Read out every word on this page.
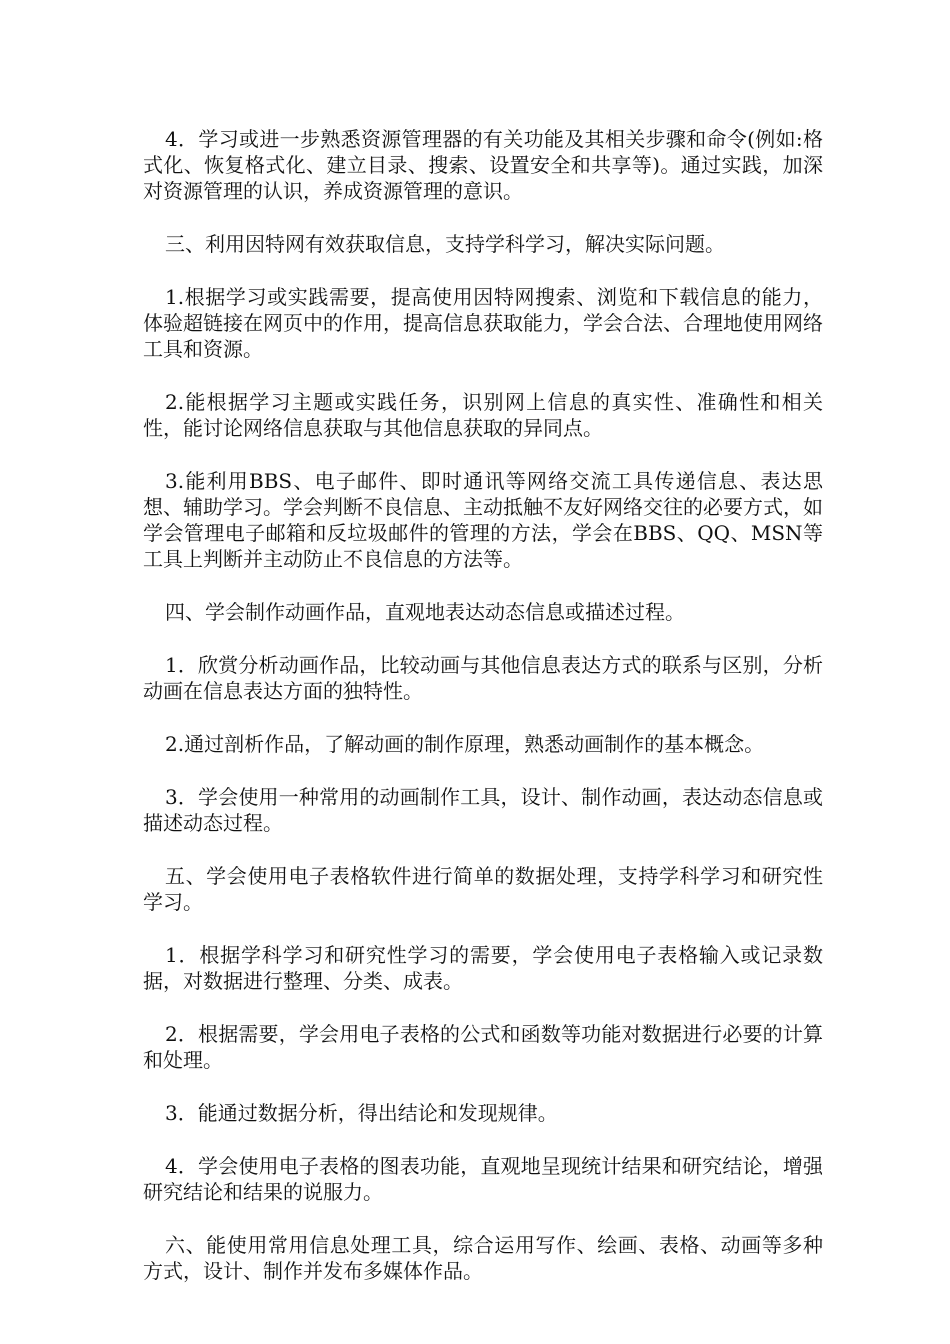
4．学习或进一步熟悉资源管理器的有关功能及其相关步骤和命令(例如:格式化、恢复格式化、建立目录、搜索、设置安全和共享等)。通过实践，加深对资源管理的认识，养成资源管理的意识。

三、利用因特网有效获取信息，支持学科学习，解决实际问题。

1.根据学习或实践需要，提高使用因特网搜索、浏览和下载信息的能力，体验超链接在网页中的作用，提高信息获取能力，学会合法、合理地使用网络工具和资源。

2.能根据学习主题或实践任务，识别网上信息的真实性、准确性和相关性，能讨论网络信息获取与其他信息获取的异同点。

3.能利用BBS、电子邮件、即时通讯等网络交流工具传递信息、表达思想、辅助学习。学会判断不良信息、主动抵触不友好网络交往的必要方式，如学会管理电子邮箱和反垃圾邮件的管理的方法，学会在BBS、QQ、MSN等工具上判断并主动防止不良信息的方法等。

四、学会制作动画作品，直观地表达动态信息或描述过程。

1．欣赏分析动画作品，比较动画与其他信息表达方式的联系与区别，分析动画在信息表达方面的独特性。

2.通过剖析作品，了解动画的制作原理，熟悉动画制作的基本概念。

3．学会使用一种常用的动画制作工具，设计、制作动画，表达动态信息或描述动态过程。

五、学会使用电子表格软件进行简单的数据处理，支持学科学习和研究性学习。

1．根据学科学习和研究性学习的需要，学会使用电子表格输入或记录数据，对数据进行整理、分类、成表。

2．根据需要，学会用电子表格的公式和函数等功能对数据进行必要的计算和处理。

3．能通过数据分析，得出结论和发现规律。

4．学会使用电子表格的图表功能，直观地呈现统计结果和研究结论，增强研究结论和结果的说服力。

六、能使用常用信息处理工具，综合运用写作、绘画、表格、动画等多种方式，设计、制作并发布多媒体作品。
